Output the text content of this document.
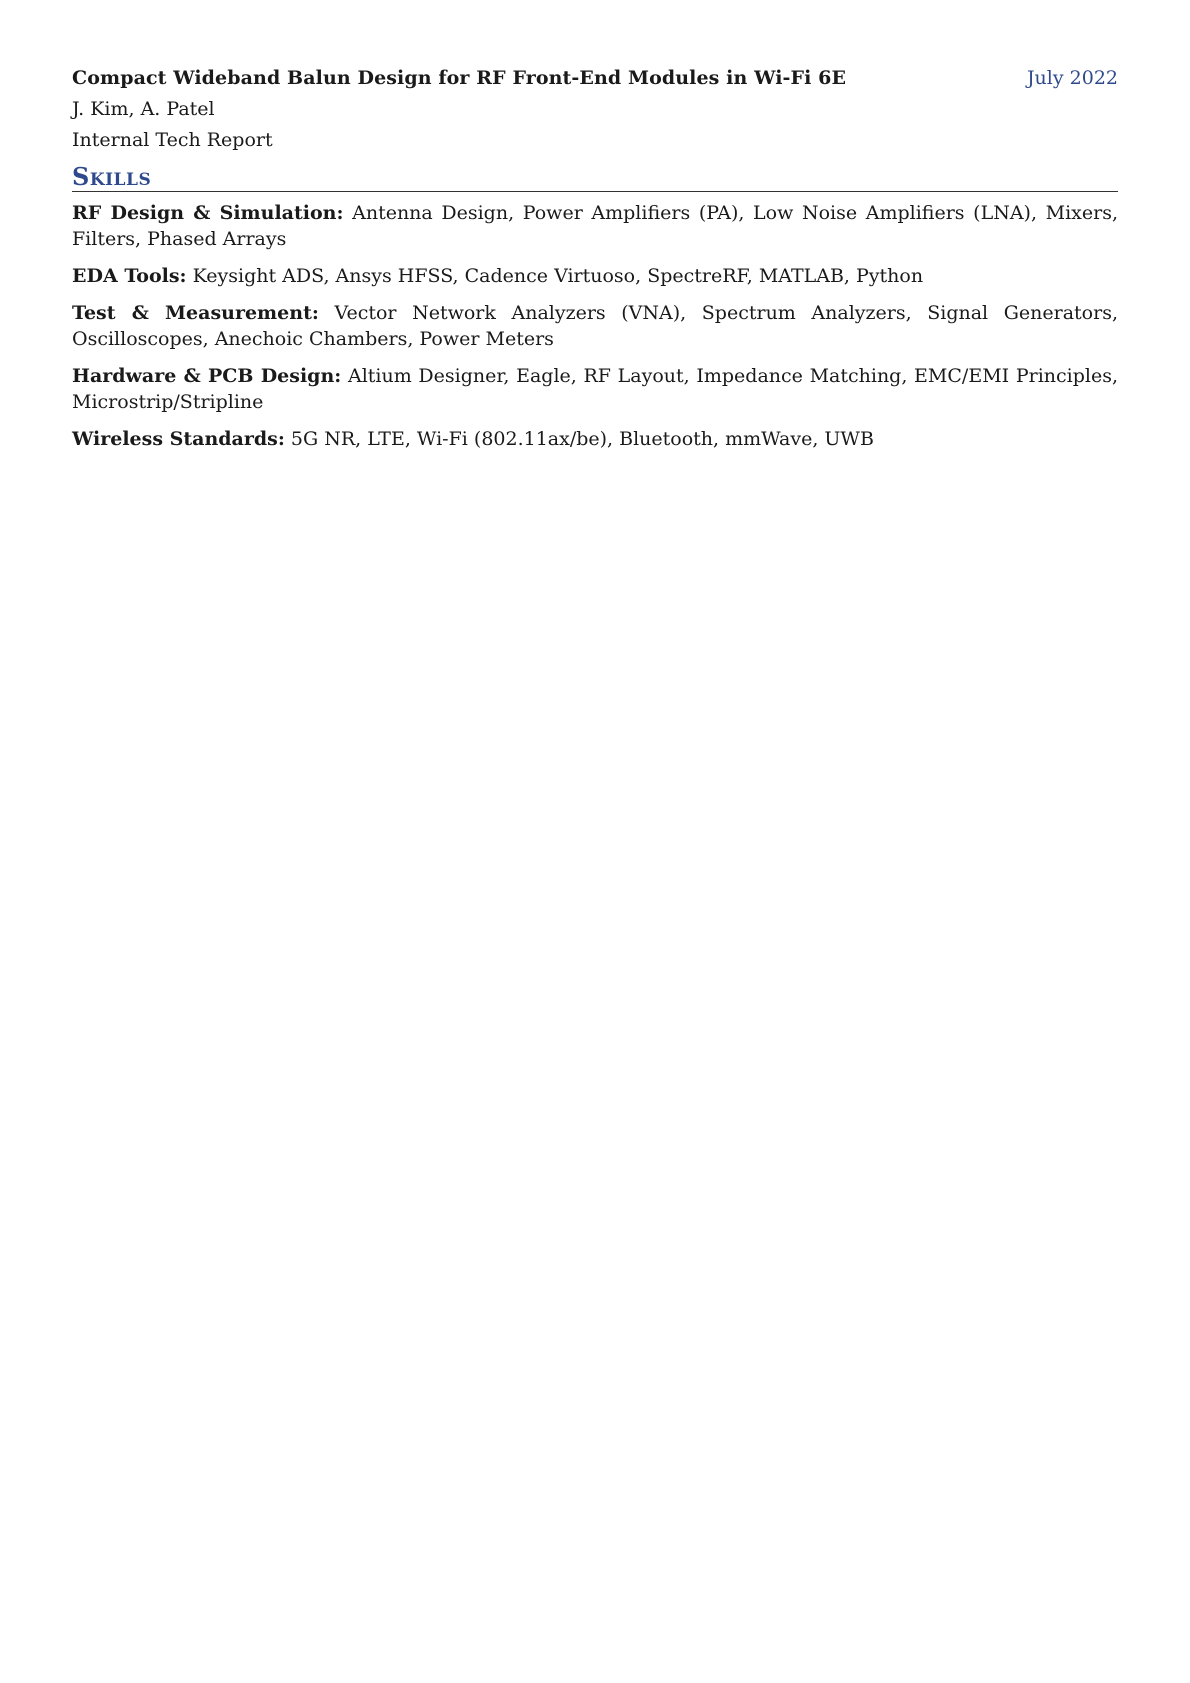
Compact Wideband Balun Design for RF Front-End Modules in Wi-Fi 6E	July 2022
J. Kim, A. Patel
Internal Tech Report
Skills
RF Design & Simulation: Antenna Design, Power Amplifiers (PA), Low Noise Amplifiers (LNA), Mixers, Filters, Phased Arrays
EDA Tools: Keysight ADS, Ansys HFSS, Cadence Virtuoso, SpectreRF, MATLAB, Python
Test & Measurement: Vector Network Analyzers (VNA), Spectrum Analyzers, Signal Generators, Oscilloscopes, Anechoic Chambers, Power Meters
Hardware & PCB Design: Altium Designer, Eagle, RF Layout, Impedance Matching, EMC/EMI Principles, Microstrip/Stripline
Wireless Standards: 5G NR, LTE, Wi-Fi (802.11ax/be), Bluetooth, mmWave, UWB
